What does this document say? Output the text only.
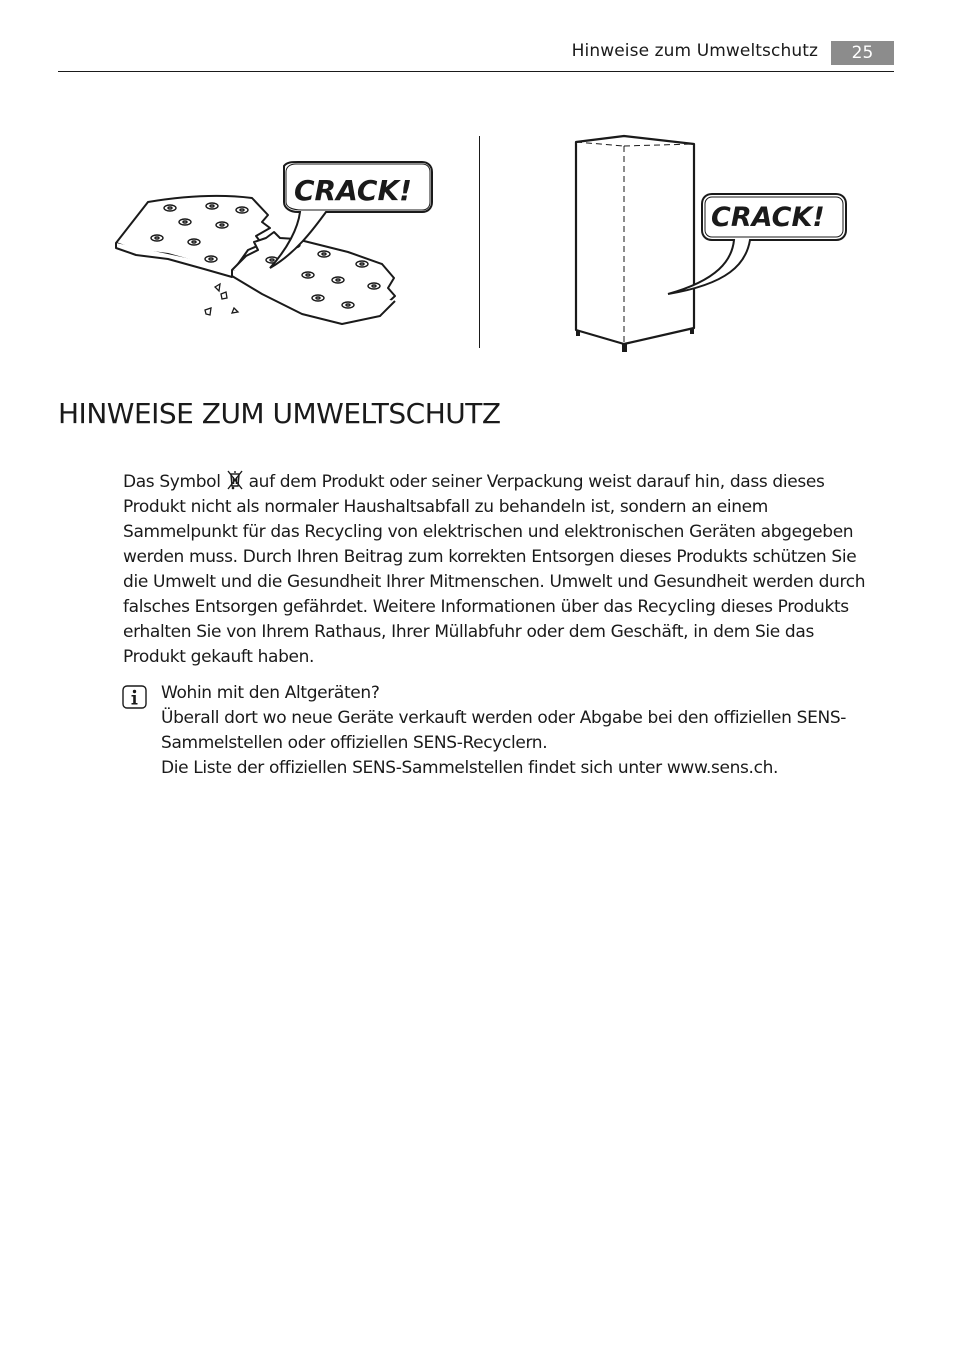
Hinweise zum Umweltschutz	25
CRACK!
CRACK!
HINWEISE ZUM UMWELTSCHUTZ

Das Symbol auf dem Produkt oder seiner Verpackung weist darauf hin, dass dieses
Produkt nicht als normaler Haushaltsabfall zu behandeln ist, sondern an einem
Sammelpunkt für das Recycling von elektrischen und elektronischen Geräten abgegeben
werden muss. Durch Ihren Beitrag zum korrekten Entsorgen dieses Produkts schützen Sie
die Umwelt und die Gesundheit Ihrer Mitmenschen. Umwelt und Gesundheit werden durch
falsches Entsorgen gefährdet. Weitere Informationen über das Recycling dieses Produkts
erhalten Sie von Ihrem Rathaus, Ihrer Müllabfuhr oder dem Geschäft, in dem Sie das
Produkt gekauft haben.

Wohin mit den Altgeräten?
Überall dort wo neue Geräte verkauft werden oder Abgabe bei den offiziellen SENS-
Sammelstellen oder offiziellen SENS-Recyclern.
Die Liste der offiziellen SENS-Sammelstellen findet sich unter www.sens.ch.
